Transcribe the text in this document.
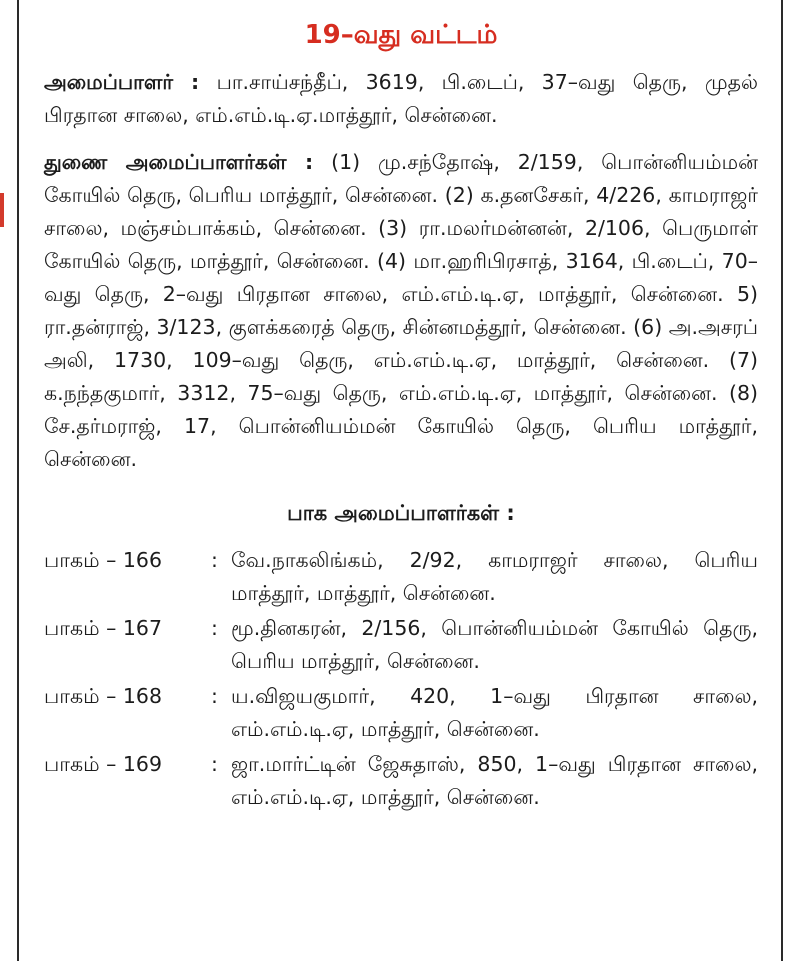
19–வது வட்டம்

அமைப்பாளர் : பா.சாய்சந்தீப், 3619, பி.டைப், 37–வது தெரு, முதல் பிரதான சாலை, எம்.எம்.டி.ஏ.மாத்தூர், சென்னை.

துணை அமைப்பாளர்கள் : (1) மு.சந்தோஷ், 2/159, பொன்னியம்மன் கோயில் தெரு, பெரிய மாத்தூர், சென்னை. (2) க.தனசேகர், 4/226, காமராஜர் சாலை, மஞ்சம்பாக்கம், சென்னை. (3) ரா.மலர்மன்னன், 2/106, பெருமாள் கோயில் தெரு, மாத்தூர், சென்னை. (4) மா.ஹரிபிரசாத், 3164, பி.டைப், 70–வது தெரு, 2–வது பிரதான சாலை, எம்.எம்.டி.ஏ, மாத்தூர், சென்னை. 5) ரா.தன்ராஜ், 3/123, குளக்கரைத் தெரு, சின்னமத்தூர், சென்னை. (6) அ.அசரப் அலி, 1730, 109–வது தெரு, எம்.எம்.டி.ஏ, மாத்தூர், சென்னை. (7) க.நந்தகுமார், 3312, 75–வது தெரு, எம்.எம்.டி.ஏ, மாத்தூர், சென்னை. (8) சே.தர்மராஜ், 17, பொன்னியம்மன் கோயில் தெரு, பெரிய மாத்தூர், சென்னை.

பாக அமைப்பாளர்கள் :
பாகம் – 166	: வே.நாகலிங்கம், 2/92, காமராஜர் சாலை, பெரிய மாத்தூர், மாத்தூர், சென்னை.
பாகம் – 167	: மூ.தினகரன், 2/156, பொன்னியம்மன் கோயில் தெரு, பெரிய மாத்தூர், சென்னை.
பாகம் – 168	: ய.விஜயகுமார், 420, 1–வது பிரதான சாலை, எம்.எம்.டி.ஏ, மாத்தூர், சென்னை.
பாகம் – 169	: ஜா.மார்ட்டின் ஜேசுதாஸ், 850, 1–வது பிரதான சாலை, எம்.எம்.டி.ஏ, மாத்தூர், சென்னை.
